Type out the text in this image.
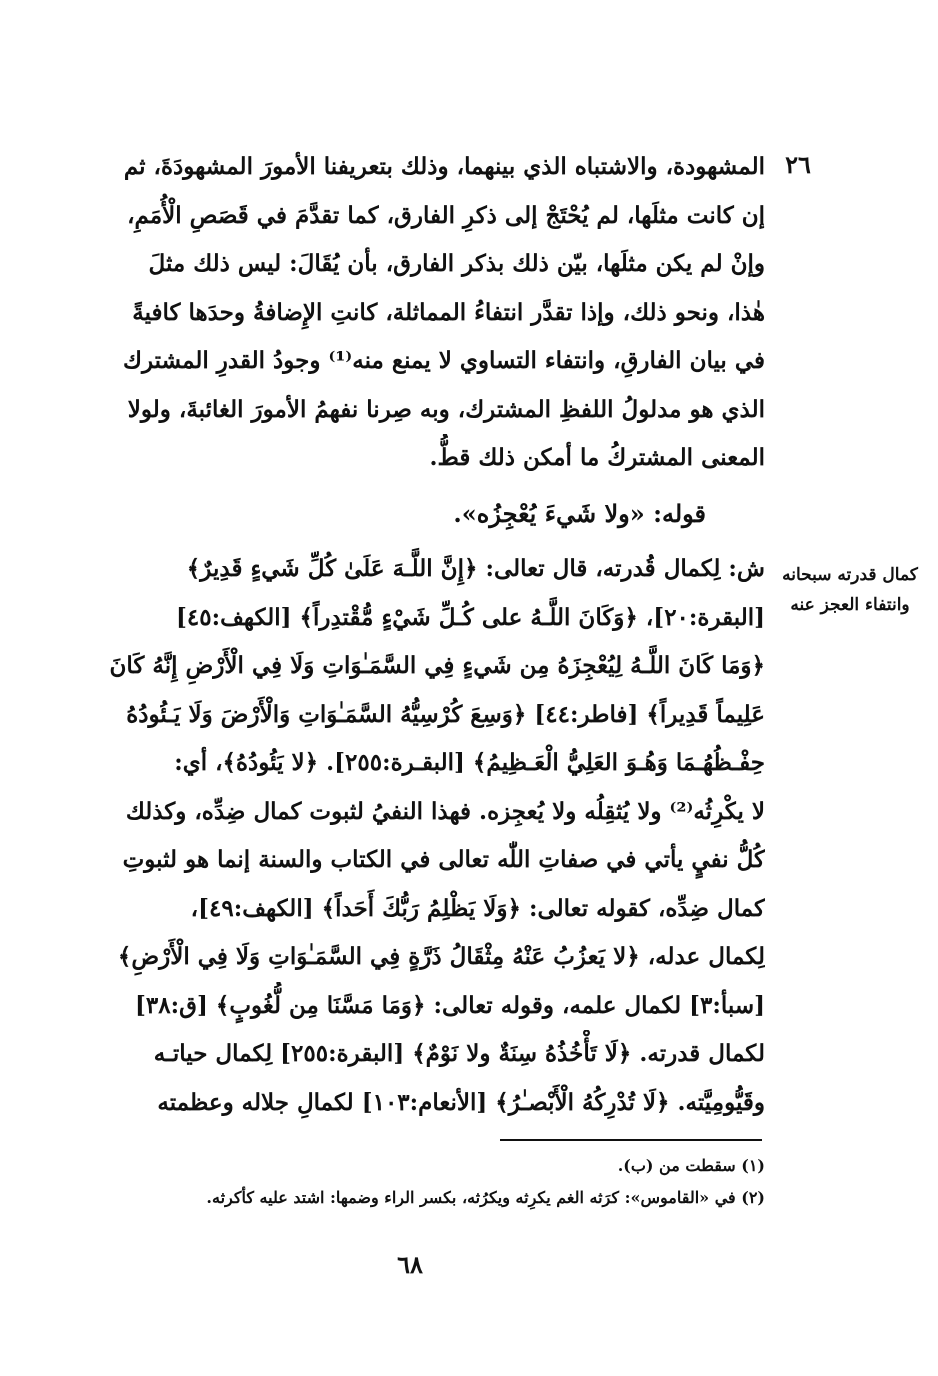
٢٦
المشهودة، والاشتباه الذي بينهما، وذلك بتعريفنا الأمورَ المشهودَةَ، ثم
إن كانت مثلَها، لم يُحْتَجْ إلى ذكرِ الفارق، كما تقدَّمَ في قَصَصِ الْأُمَمِ،
وإنْ لم يكن مثلَها، بيّن ذلك بذكر الفارق، بأن يُقَالَ: ليس ذلك مثلَ
هٰذا، ونحو ذلك، وإذا تقدَّر انتفاءُ المماثلة، كانتِ الإِضافةُ وحدَها كافيةً
في بيان الفارقِ، وانتفاء التساوي لا يمنع منه⁽¹⁾ وجودُ القدرِ المشترك
الذي هو مدلولُ اللفظِ المشترك، وبه صِرنا نفهمُ الأمورَ الغائبةَ، ولولا
المعنى المشتركُ ما أمكن ذلك قطُّ.
قوله: «ولا شَيءَ يُعْجِزُه».
كمال قدرته سبحانه
وانتفاء العجز عنه
ش: لِكمال قُدرته، قال تعالى: ﴿إِنَّ اللَّـهَ عَلَىٰ كُلِّ شَيءٍ قَدِيرٌ﴾
[البقرة:٢٠]، ﴿وَكَانَ اللَّـهُ على كُـلِّ شَيْءٍ مُّقْتدِراً﴾ [الكهف:٤٥]
﴿وَمَا كَانَ اللَّـهُ لِيُعْجِزَهُ مِن شَيءٍ فِي السَّمَـٰوَاتِ وَلَا فِي الْأَرْضِ إِنَّهُ كَانَ
عَلِيماً قَدِيراً﴾ [فاطر:٤٤] ﴿وَسِعَ كُرْسِيُّهُ السَّمَـٰوَاتِ وَالْأَرْضَ وَلَا يَـئُودُهُ
حِفْـظُهُـمَا وَهُـوَ العَلِيُّ الْعَـظِيمُ﴾ [البقـرة:٢٥٥]. ﴿لا يَئُودُهُ﴾، أي:
لا يكْرِثُه⁽²⁾ ولا يُثقِلُه ولا يُعجِزه. فهذا النفيُ لثبوت كمال ضِدِّه، وكذلك
كُلُّ نفيٍ يأتي في صفاتِ اللّٰه تعالى في الكتاب والسنة إنما هو لثبوتِ
كمال ضِدِّه، كقوله تعالى: ﴿وَلَا يَظْلِمُ رَبُّكَ أَحَداً﴾ [الكهف:٤٩]،
لِكمال عدله، ﴿لا يَعزُبُ عَنْهُ مِثْقَالُ ذَرَّةٍ فِي السَّمَـٰوَاتِ وَلَا فِي الْأَرْضِ﴾
[سبأ:٣] لكمال علمه، وقوله تعالى: ﴿وَمَا مَسَّنَا مِن لُّغُوبٍ﴾ [ق:٣٨]
لكمال قدرته. ﴿لَا تَأْخُذُهُ سِنَةٌ ولا نَوْمٌ﴾ [البقرة:٢٥٥] لِكمال حياتـه
وقَيُّومِيَّته. ﴿لَا تُدْرِكُهُ الْأَبْصـٰرُ﴾ [الأنعام:١٠٣] لكمالِ جلاله وعظمته
(١) سقطت من (ب).
(٢) في «القاموس»: كرَثه الغم يكرِثه ويكرُثه، بكسر الراء وضمها: اشتد عليه كأكرثه.
٦٨
